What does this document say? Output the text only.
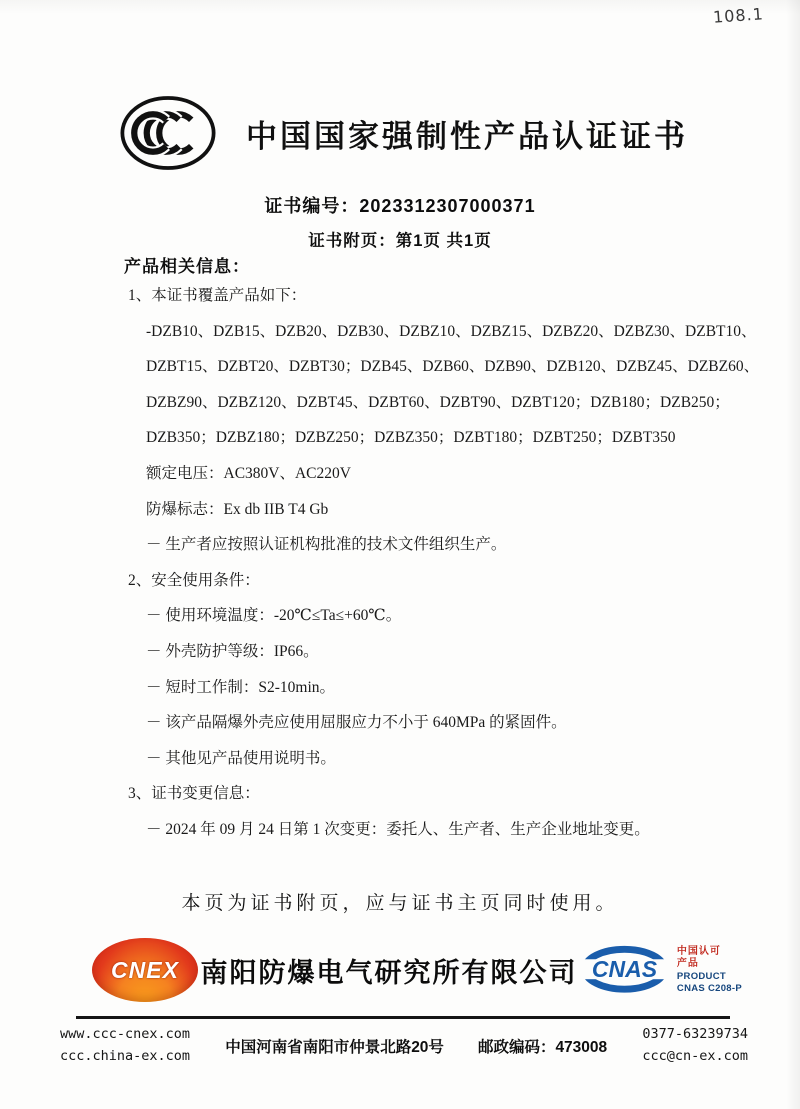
108.1
中国国家强制性产品认证证书
证书编号：2023312307000371
证书附页：第1页 共1页
产品相关信息：

1、本证书覆盖产品如下：

-DZB10、DZB15、DZB20、DZB30、DZBZ10、DZBZ15、DZBZ20、DZBZ30、DZBT10、

DZBT15、DZBT20、DZBT30；DZB45、DZB60、DZB90、DZB120、DZBZ45、DZBZ60、

DZBZ90、DZBZ120、DZBT45、DZBT60、DZBT90、DZBT120；DZB180；DZB250；

DZB350；DZBZ180；DZBZ250；DZBZ350；DZBT180；DZBT250；DZBT350

额定电压：AC380V、AC220V

防爆标志：Ex db IIB T4 Gb

－ 生产者应按照认证机构批准的技术文件组织生产。

2、安全使用条件：

－ 使用环境温度：-20℃≤Ta≤+60℃。

－ 外壳防护等级：IP66。

－ 短时工作制：S2-10min。

－ 该产品隔爆外壳应使用屈服应力不小于 640MPa 的紧固件。

－ 其他见产品使用说明书。

3、证书变更信息：

－ 2024 年 09 月 24 日第 1 次变更：委托人、生产者、生产企业地址变更。

本页为证书附页，应与证书主页同时使用。
CNEX 南阳防爆电气研究所有限公司 CNAS
中国认可
产品
PRODUCT
CNAS C208-P
www.ccc-cnex.com
ccc.china-ex.com 中国河南省南阳市仲景北路20号 邮政编码：473008
0377-63239734
ccc@cn-ex.com
